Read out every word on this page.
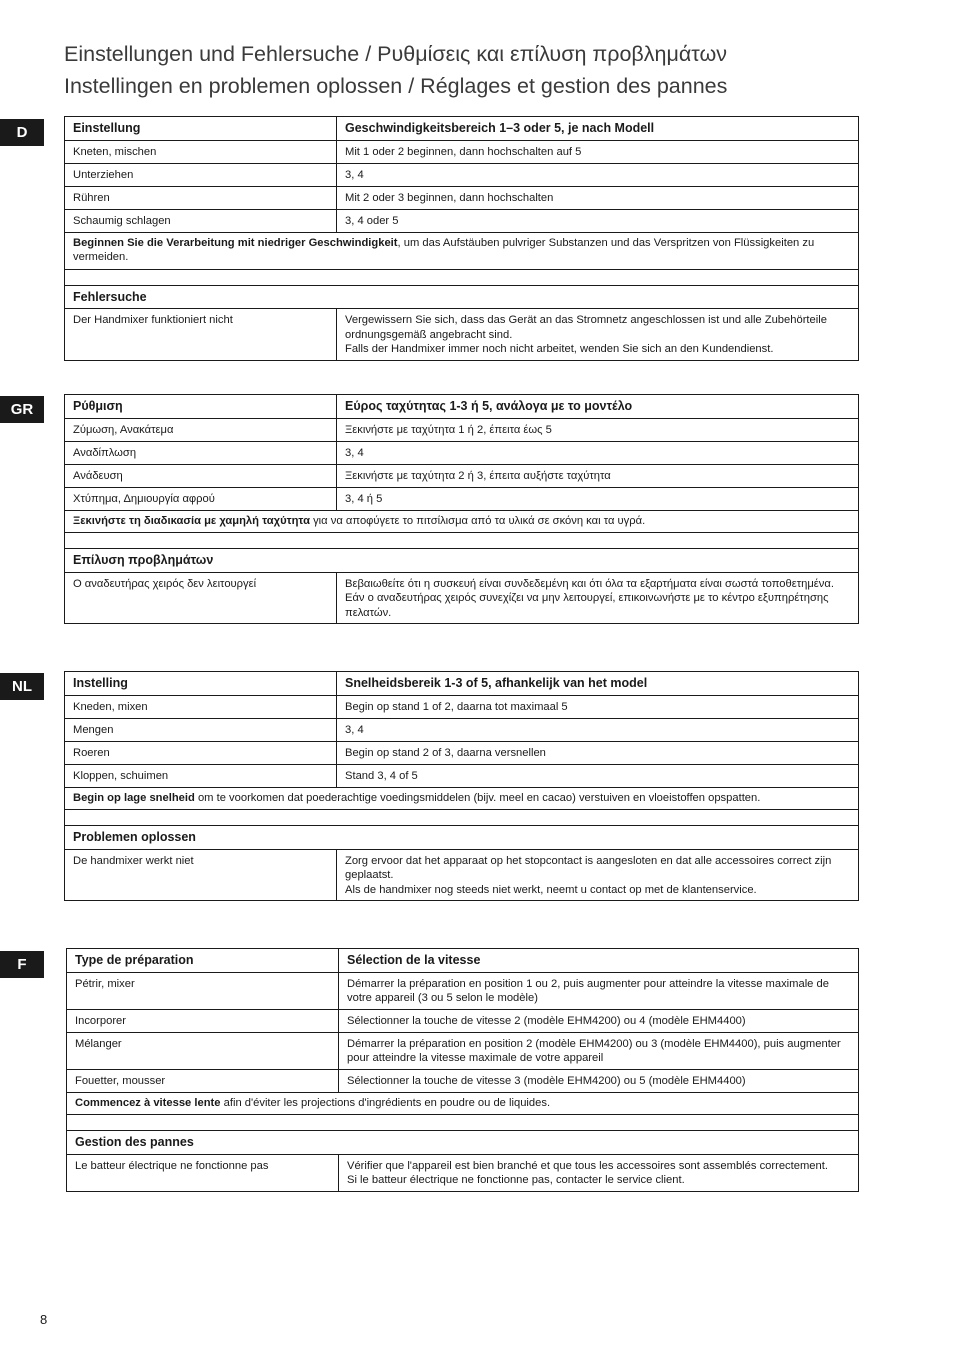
Einstellungen und Fehlersuche / Ρυθμίσεις και επίλυση προβλημάτων
Instellingen en problemen oplossen / Réglages et gestion des pannes
D	Einstellung	Geschwindigkeitsbereich 1–3 oder 5, je nach Modell
Kneten, mischen	Mit 1 oder 2 beginnen, dann hochschalten auf 5
Unterziehen	3, 4
Rühren	Mit 2 oder 3 beginnen, dann hochschalten
Schaumig schlagen	3, 4 oder 5
Beginnen Sie die Verarbeitung mit niedriger Geschwindigkeit, um das Aufstäuben pulvriger Substanzen und das Verspritzen von Flüssigkeiten zu vermeiden.	

Fehlersuche	
Der Handmixer funktioniert nicht	Vergewissern Sie sich, dass das Gerät an das Stromnetz angeschlossen ist und alle Zubehörteile ordnungsgemäß angebracht sind.
Falls der Handmixer immer noch nicht arbeitet, wenden Sie sich an den Kundendienst.
GR	Ρύθμιση	Εύρος ταχύτητας 1-3 ή 5, ανάλογα με το μοντέλο
Ζύμωση, Ανακάτεμα	Ξεκινήστε με ταχύτητα 1 ή 2, έπειτα έως 5
Αναδίπλωση	3, 4
Ανάδευση	Ξεκινήστε με ταχύτητα 2 ή 3, έπειτα αυξήστε ταχύτητα
Χτύπημα, Δημιουργία αφρού	3, 4 ή 5
Ξεκινήστε τη διαδικασία με χαμηλή ταχύτητα για να αποφύγετε το πιτσίλισμα από τα υλικά σε σκόνη και τα υγρά.	

Επίλυση προβλημάτων	
Ο αναδευτήρας χειρός δεν λειτουργεί	Βεβαιωθείτε ότι η συσκευή είναι συνδεδεμένη και ότι όλα τα εξαρτήματα είναι σωστά τοποθετημένα.
Εάν ο αναδευτήρας χειρός συνεχίζει να μην λειτουργεί, επικοινωνήστε με το κέντρο εξυπηρέτησης πελατών.
NL	Instelling	Snelheidsbereik 1-3 of 5, afhankelijk van het model
Kneden, mixen	Begin op stand 1 of 2, daarna tot maximaal 5
Mengen	3, 4
Roeren	Begin op stand 2 of 3, daarna versnellen
Kloppen, schuimen	Stand 3, 4 of 5
Begin op lage snelheid om te voorkomen dat poederachtige voedingsmiddelen (bijv. meel en cacao) verstuiven en vloeistoffen opspatten.	

Problemen oplossen	
De handmixer werkt niet	Zorg ervoor dat het apparaat op het stopcontact is aangesloten en dat alle accessoires correct zijn geplaatst.
Als de handmixer nog steeds niet werkt, neemt u contact op met de klantenservice.
F	Type de préparation	Sélection de la vitesse
Pétrir, mixer	Démarrer la préparation en position 1 ou 2, puis augmenter pour atteindre la vitesse maximale de votre appareil (3 ou 5 selon le modèle)
Incorporer	Sélectionner la touche de vitesse 2 (modèle EHM4200) ou 4 (modèle EHM4400)
Mélanger	Démarrer la préparation en position 2 (modèle EHM4200) ou 3 (modèle EHM4400), puis augmenter pour atteindre la vitesse maximale de votre appareil
Fouetter, mousser	Sélectionner la touche de vitesse 3 (modèle EHM4200) ou 5 (modèle EHM4400)
Commencez à vitesse lente afin d'éviter les projections d'ingrédients en poudre ou de liquides.	

Gestion des pannes	
Le batteur électrique ne fonctionne pas	Vérifier que l'appareil est bien branché et que tous les accessoires sont assemblés correctement.
Si le batteur électrique ne fonctionne pas, contacter le service client.
8
